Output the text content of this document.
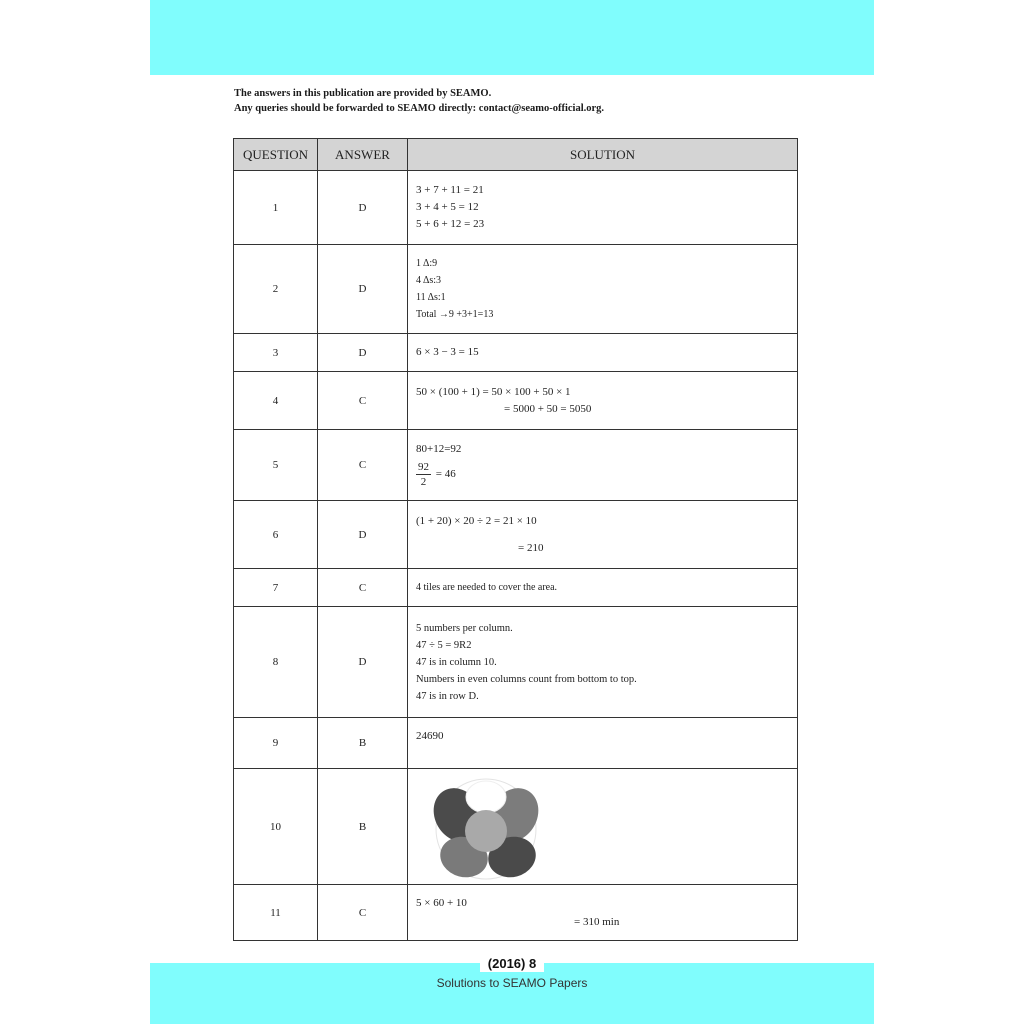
The answers in this publication are provided by SEAMO.
Any queries should be forwarded to SEAMO directly: contact@seamo-official.org.
QUESTION	ANSWER	SOLUTION
1	D	3 + 7 + 11 = 21
3 + 4 + 5 = 12
5 + 6 + 12 = 23

2	D	1 Δ:9
4 Δs:3
11 Δs:1
Total →9 +3+1=13

3	D	6 × 3 − 3 = 15

4	C	50 × (100 + 1) = 50 × 100 + 50 × 1
= 5000 + 50 = 5050

5	C	80+12=92
$\frac{92}{2} = 46$

6	D	(1 + 20) × 20 ÷ 2 = 21 × 10
= 210

7	C	4 tiles are needed to cover the area.

8	D	5 numbers per column.
47 ÷ 5 = 9R2
47 is in column 10.
Numbers in even columns count from bottom to top.
47 is in row D.

9	B	24690

10	B	

11	C	5 × 60 + 10
= 310 min
(2016) 8
Solutions to SEAMO Papers
